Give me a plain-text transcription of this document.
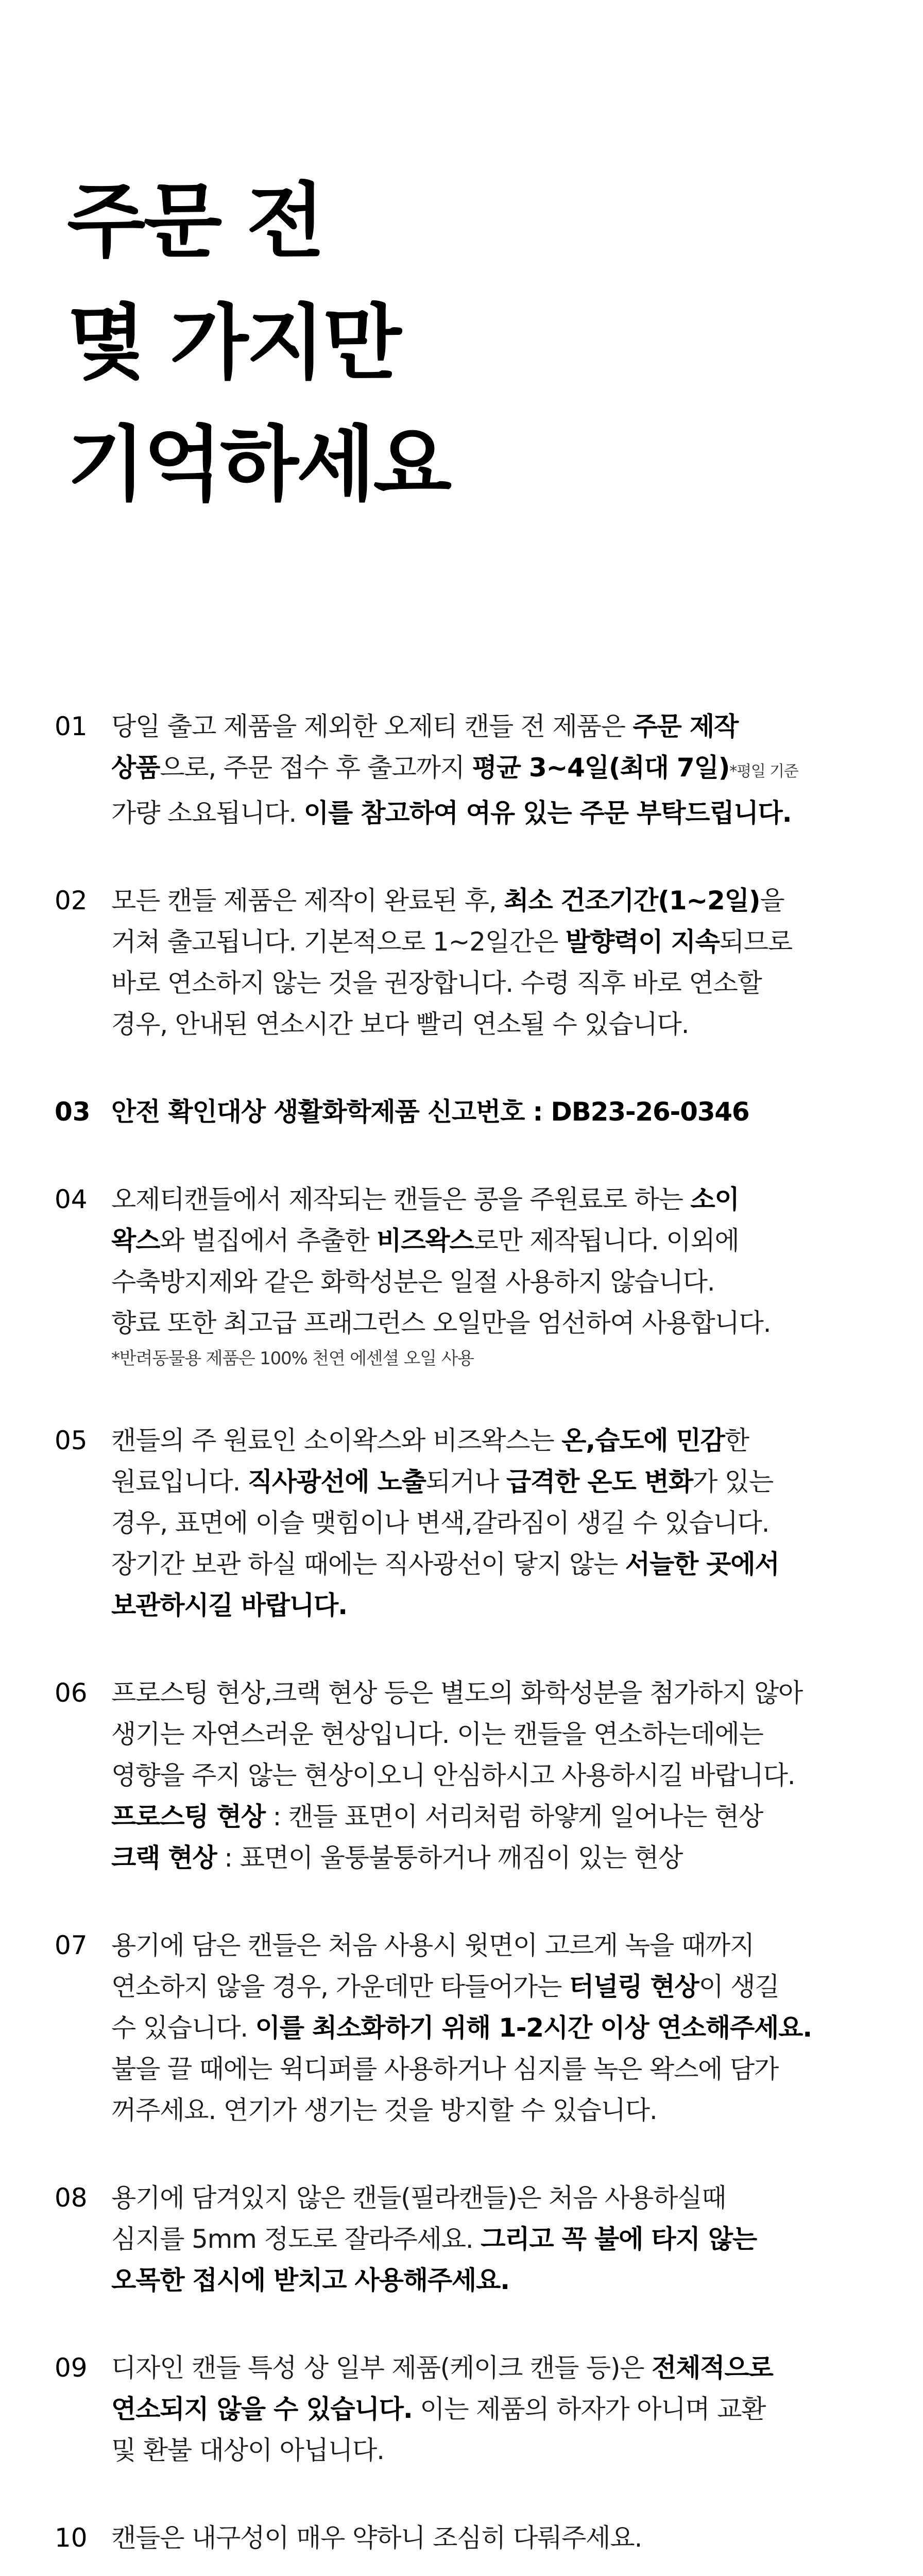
주문 전
몇 가지만
기억하세요
01 당일 출고 제품을 제외한 오제티 캔들 전 제품은 주문 제작
상품으로, 주문 접수 후 출고까지 평균 3~4일(최대 7일)*평일 기준
가량 소요됩니다. 이를 참고하여 여유 있는 주문 부탁드립니다.
02 모든 캔들 제품은 제작이 완료된 후, 최소 건조기간(1~2일)을
거쳐 출고됩니다. 기본적으로 1~2일간은 발향력이 지속되므로
바로 연소하지 않는 것을 권장합니다. 수령 직후 바로 연소할
경우, 안내된 연소시간 보다 빨리 연소될 수 있습니다.
03 안전 확인대상 생활화학제품 신고번호 : DB23-26-0346
04 오제티캔들에서 제작되는 캔들은 콩을 주원료로 하는 소이
왁스와 벌집에서 추출한 비즈왁스로만 제작됩니다. 이외에
수축방지제와 같은 화학성분은 일절 사용하지 않습니다.
향료 또한 최고급 프래그런스 오일만을 엄선하여 사용합니다.
*반려동물용 제품은 100% 천연 에센셜 오일 사용
05 캔들의 주 원료인 소이왁스와 비즈왁스는 온,습도에 민감한
원료입니다. 직사광선에 노출되거나 급격한 온도 변화가 있는
경우, 표면에 이슬 맺힘이나 변색,갈라짐이 생길 수 있습니다.
장기간 보관 하실 때에는 직사광선이 닿지 않는 서늘한 곳에서
보관하시길 바랍니다.
06 프로스팅 현상,크랙 현상 등은 별도의 화학성분을 첨가하지 않아
생기는 자연스러운 현상입니다. 이는 캔들을 연소하는데에는
영향을 주지 않는 현상이오니 안심하시고 사용하시길 바랍니다.
프로스팅 현상 : 캔들 표면이 서리처럼 하얗게 일어나는 현상
크랙 현상 : 표면이 울퉁불퉁하거나 깨짐이 있는 현상
07 용기에 담은 캔들은 처음 사용시 윗면이 고르게 녹을 때까지
연소하지 않을 경우, 가운데만 타들어가는 터널링 현상이 생길
수 있습니다. 이를 최소화하기 위해 1-2시간 이상 연소해주세요.
불을 끌 때에는 윅디퍼를 사용하거나 심지를 녹은 왁스에 담가
꺼주세요. 연기가 생기는 것을 방지할 수 있습니다.
08 용기에 담겨있지 않은 캔들(필라캔들)은 처음 사용하실때
심지를 5mm 정도로 잘라주세요. 그리고 꼭 불에 타지 않는
오목한 접시에 받치고 사용해주세요.
09 디자인 캔들 특성 상 일부 제품(케이크 캔들 등)은 전체적으로
연소되지 않을 수 있습니다. 이는 제품의 하자가 아니며 교환
및 환불 대상이 아닙니다.
10 캔들은 내구성이 매우 약하니 조심히 다뤄주세요.
